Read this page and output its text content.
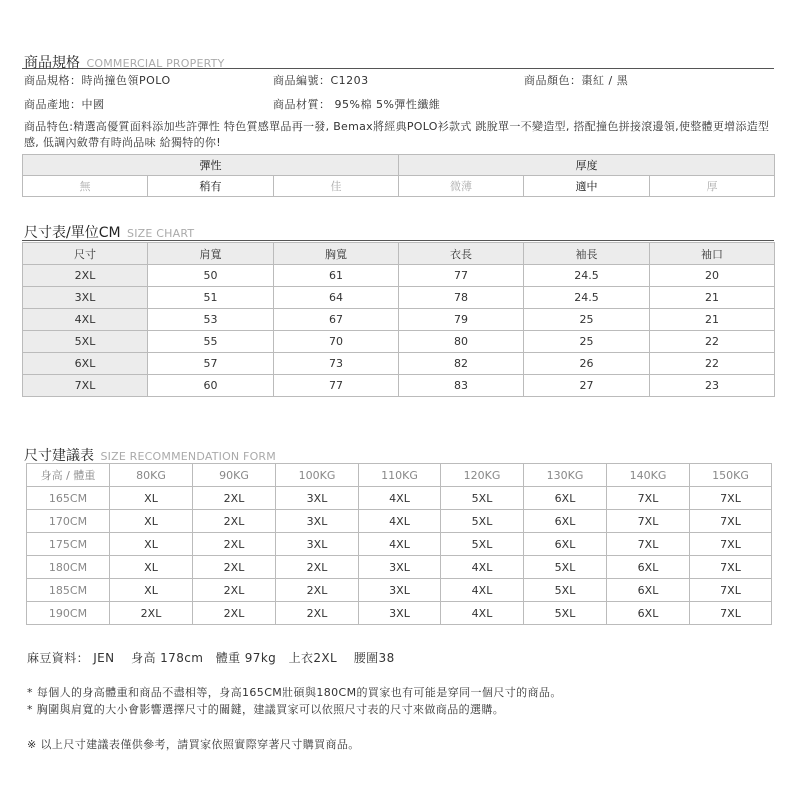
商品規格 COMMERCIAL PROPERTY
商品規格：時尚撞色領POLO	商品編號：C1203	商品顏色：棗紅 / 黑
商品產地：中國	商品材質： 95%棉 5%彈性纖維
商品特色:精選高優質面料添加些許彈性 特色質感單品再一發, Bemax將經典POLO衫款式 跳脫單一不變造型, 搭配撞色拼接滾邊領,使整體更增添造型感, 低調內斂帶有時尚品味 給獨特的你!
彈性			厚度		
無	稍有	佳	微薄	適中	厚
尺寸表/單位CM SIZE CHART
尺寸	肩寬	胸寬	衣長	袖長	袖口
2XL	50	61	77	24.5	20
3XL	51	64	78	24.5	21
4XL	53	67	79	25	21
5XL	55	70	80	25	22
6XL	57	73	82	26	22
7XL	60	77	83	27	23
尺寸建議表 SIZE RECOMMENDATION FORM
身高 / 體重	80KG	90KG	100KG	110KG	120KG	130KG	140KG	150KG
165CM	XL	2XL	3XL	4XL	5XL	6XL	7XL	7XL
170CM	XL	2XL	3XL	4XL	5XL	6XL	7XL	7XL
175CM	XL	2XL	3XL	4XL	5XL	6XL	7XL	7XL
180CM	XL	2XL	2XL	3XL	4XL	5XL	6XL	7XL
185CM	XL	2XL	2XL	3XL	4XL	5XL	6XL	7XL
190CM	2XL	2XL	2XL	3XL	4XL	5XL	6XL	7XL
麻豆資料： JEN　 身高 178cm　體重 97kg　上衣2XL　 腰圍38
* 每個人的身高體重和商品不盡相等，身高165CM壯碩與180CM的買家也有可能是穿同一個尺寸的商品。
* 胸圍與肩寬的大小會影響選擇尺寸的關鍵，建議買家可以依照尺寸表的尺寸來做商品的選購。
※ 以上尺寸建議表僅供參考，請買家依照實際穿著尺寸購買商品。
